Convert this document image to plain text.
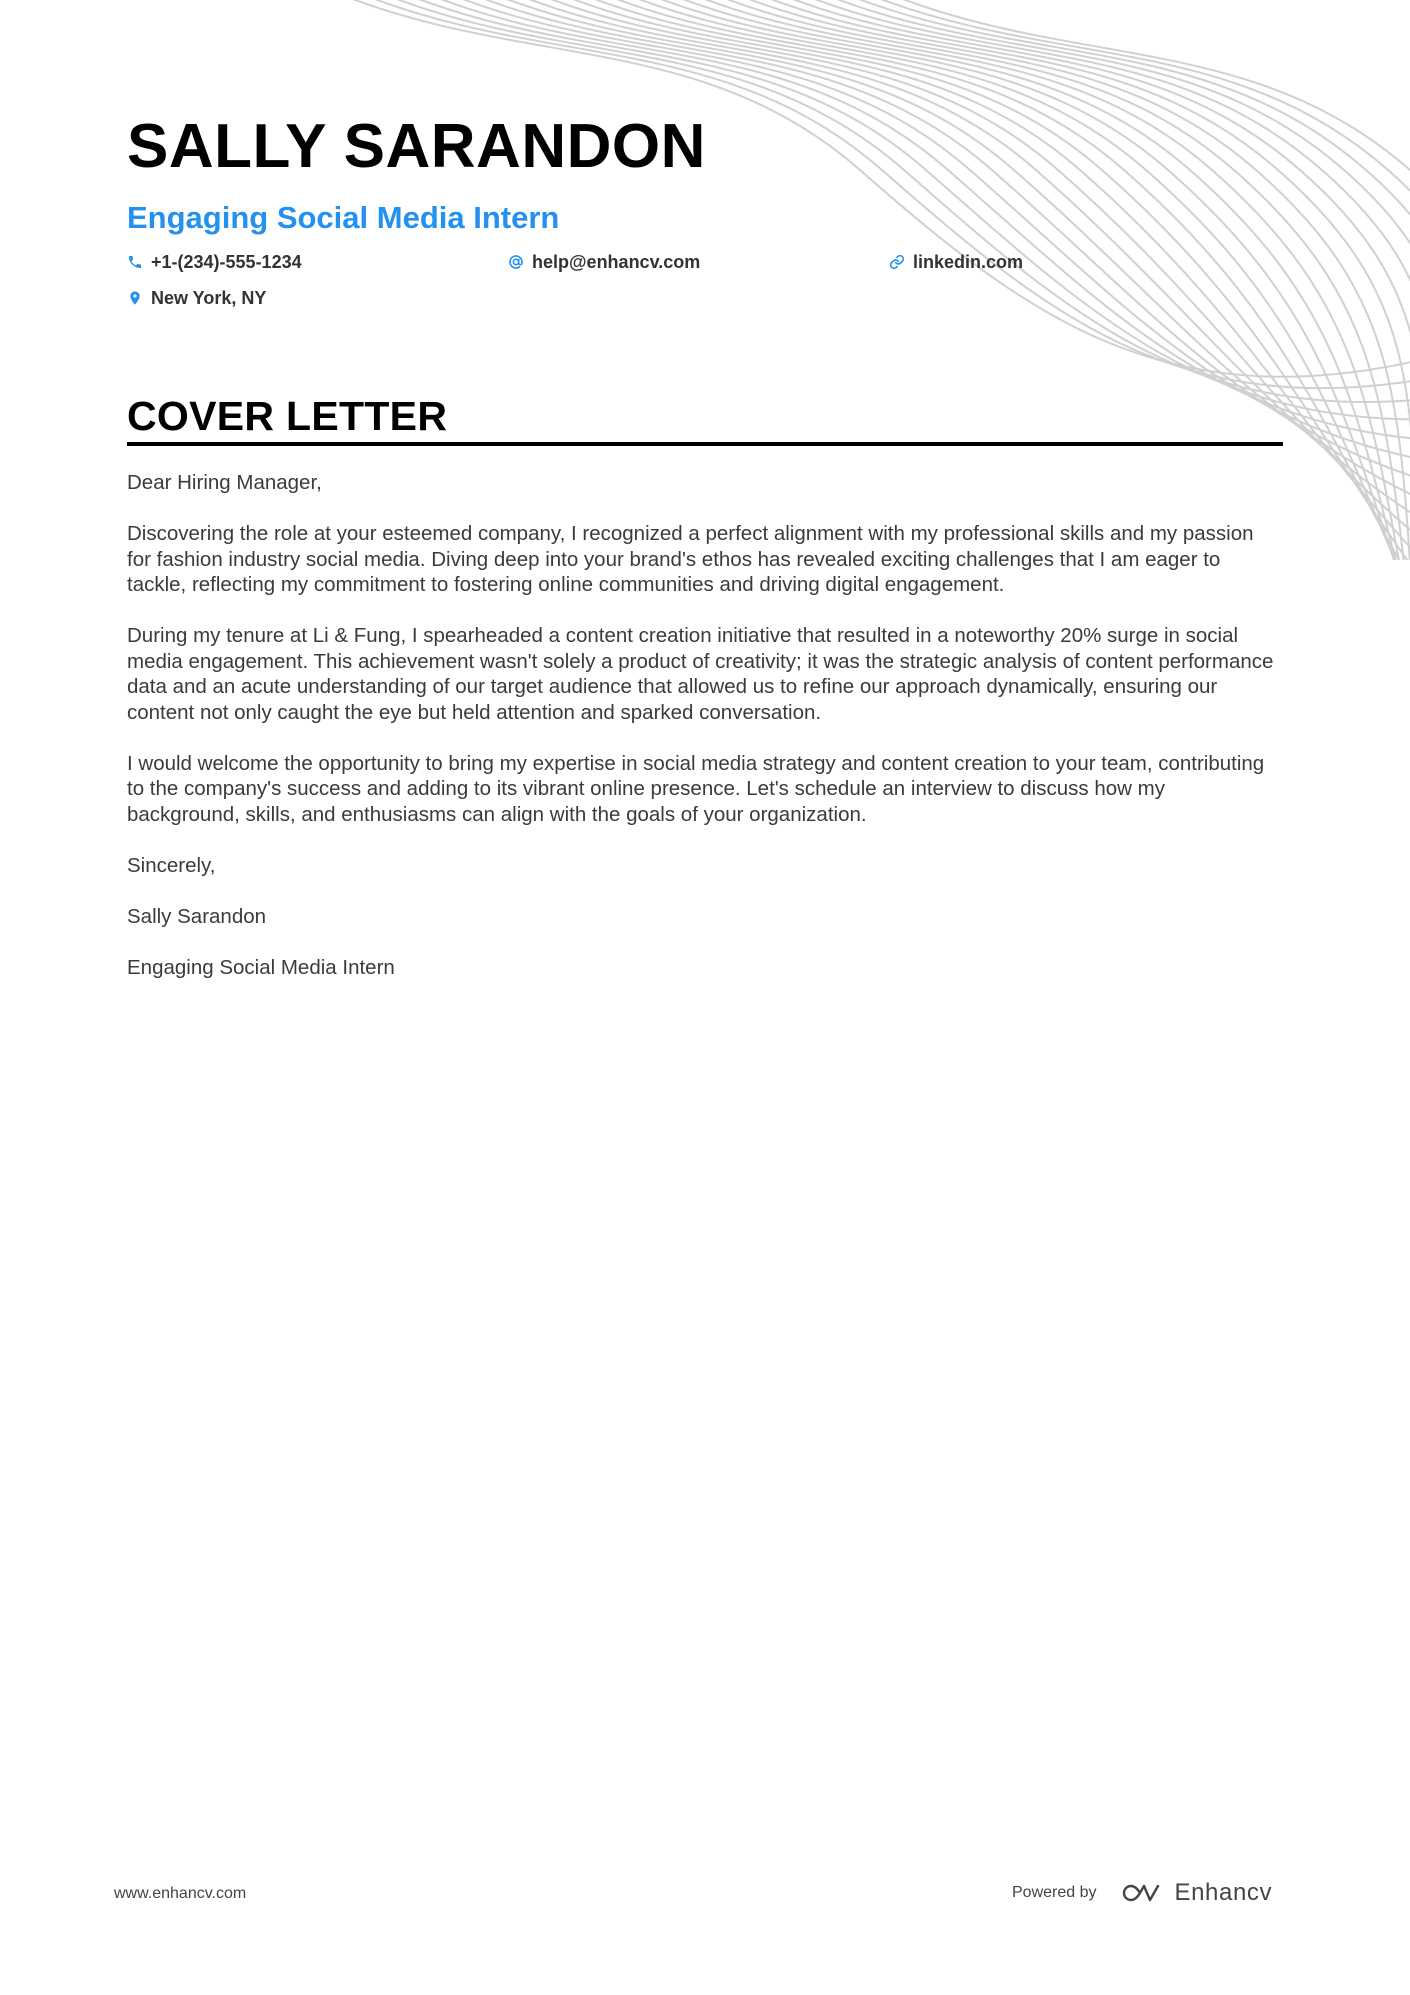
SALLY SARANDON
Engaging Social Media Intern
+1-(234)-555-1234	help@enhancv.com	linkedin.com
New York, NY
COVER LETTER

Dear Hiring Manager,

Discovering the role at your esteemed company, I recognized a perfect alignment with my professional skills and my passion for fashion industry social media. Diving deep into your brand's ethos has revealed exciting challenges that I am eager to tackle, reflecting my commitment to fostering online communities and driving digital engagement.

During my tenure at Li & Fung, I spearheaded a content creation initiative that resulted in a noteworthy 20% surge in social media engagement. This achievement wasn't solely a product of creativity; it was the strategic analysis of content performance data and an acute understanding of our target audience that allowed us to refine our approach dynamically, ensuring our content not only caught the eye but held attention and sparked conversation.

I would welcome the opportunity to bring my expertise in social media strategy and content creation to your team, contributing to the company's success and adding to its vibrant online presence. Let's schedule an interview to discuss how my background, skills, and enthusiasms can align with the goals of your organization.

Sincerely,

Sally Sarandon

Engaging Social Media Intern

www.enhancv.com	Powered by	Enhancv
